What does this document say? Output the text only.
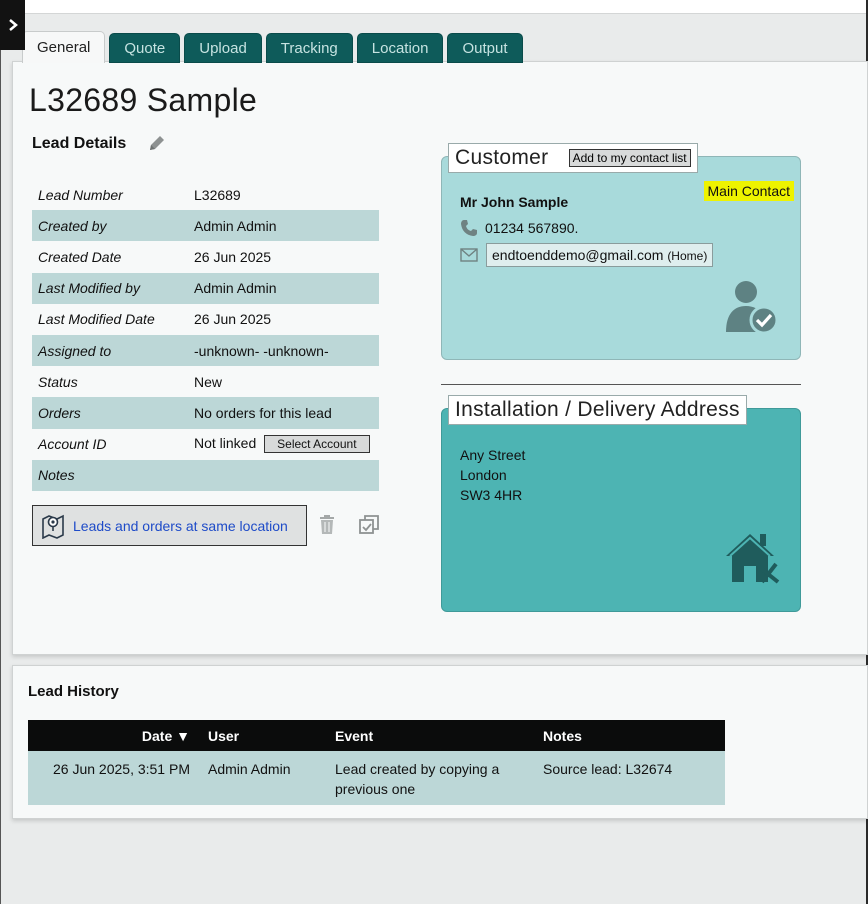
General	Quote	Upload	Tracking	Location	Output
L32689 Sample
Lead Details
Lead Number	L32689
Created by	Admin Admin
Created Date	26 Jun 2025
Last Modified by	Admin Admin
Last Modified Date	26 Jun 2025
Assigned to	-unknown- -unknown-
Status	New
Orders	No orders for this lead
Account ID	Not linked Select Account
Notes	
Leads and orders at same location
Customer Add to my contact list
Main Contact
Mr John Sample
01234 567890.
endtoenddemo@gmail.com (Home)
Installation / Delivery Address
Any Street
London
SW3 4HR
Lead History
Date ▼	User	Event	Notes
26 Jun 2025, 3:51 PM	Admin Admin	Lead created by copying a previous one	Source lead: L32674
